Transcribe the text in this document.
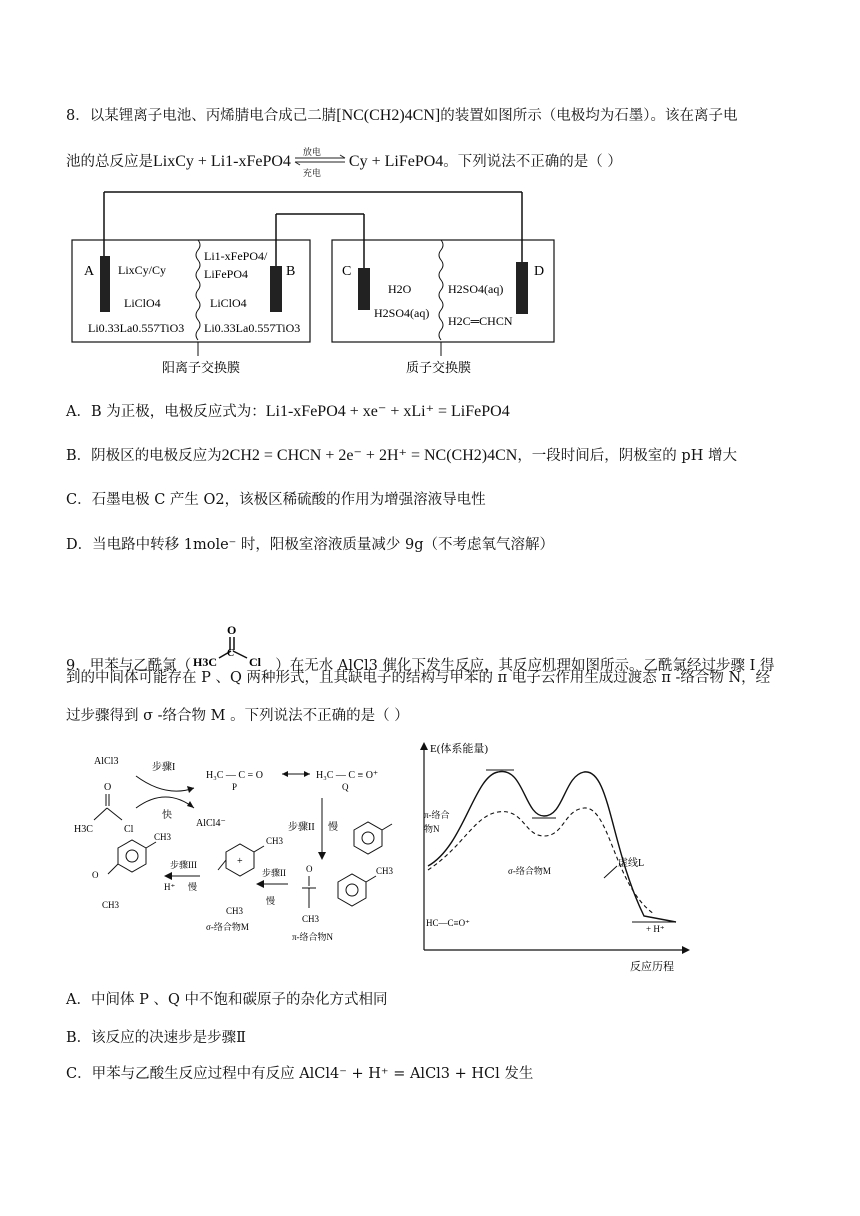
8．以某锂离子电池、丙烯腈电合成己二腈[NC(CH2)4CN]的装置如图所示（电极均为石墨）。该在离子电
池的总反应是LixCy + Li1-xFePO4 放电
充电
Cy + LiFePO4。下列说法不正确的是（ ）
A	B	C	D
LixCy/Cy
LiClO4
Li0.33La0.557TiO3
Li1-xFePO4/
LiFePO4
LiClO4
Li0.33La0.557TiO3
H2O
H2SO4(aq)
H2SO4(aq)
H2C═CHCN
阳离子交换膜	质子交换膜
A．B 为正极，电极反应式为：Li1-xFePO4 + xe⁻ + xLi⁺ = LiFePO4
B．阴极区的电极反应为2CH2 = CHCN + 2e⁻ + 2H⁺ = NC(CH2)4CN，一段时间后，阴极室的 pH 增大
C．石墨电极 C 产生 O2，该极区稀硫酸的作用为增强溶液导电性
D．当电路中转移 1mole⁻ 时，阳极室溶液质量减少 9g（不考虑氧气溶解）
9．甲苯与乙酰氯（
O
H3C	Cl
C
）在无水 AlCl3 催化下发生反应，其反应机理如图所示。乙酰氯经过步骤 I 得
到的中间体可能存在 P 、Q 两种形式，且其缺电子的结构与甲苯的 π 电子云作用生成过渡态 π -络合物 N，经
过步骤得到 σ -络合物 M 。下列说法不正确的是（ ）
AlCl3
步骤I
快
AlCl4⁻
O
H3C	Cl
H₃C — C = O
P
H₃C — C ≡ O⁺
Q
步骤II 慢
O
CH3
CH3
π-络合物N
步骤II
慢
+
CH3
CH3
σ-络合物M
步骤III
H⁺ 慢
CH3
O
CH3
E(体系能量)
反应历程
π-络合
物N
σ-络合物M
虚线L
HC—C≡O⁺
+ H⁺
A．中间体 P 、Q 中不饱和碳原子的杂化方式相同
B．该反应的决速步是步骤Ⅱ
C．甲苯与乙酸生反应过程中有反应 AlCl4⁻ + H⁺ = AlCl3 + HCl 发生
